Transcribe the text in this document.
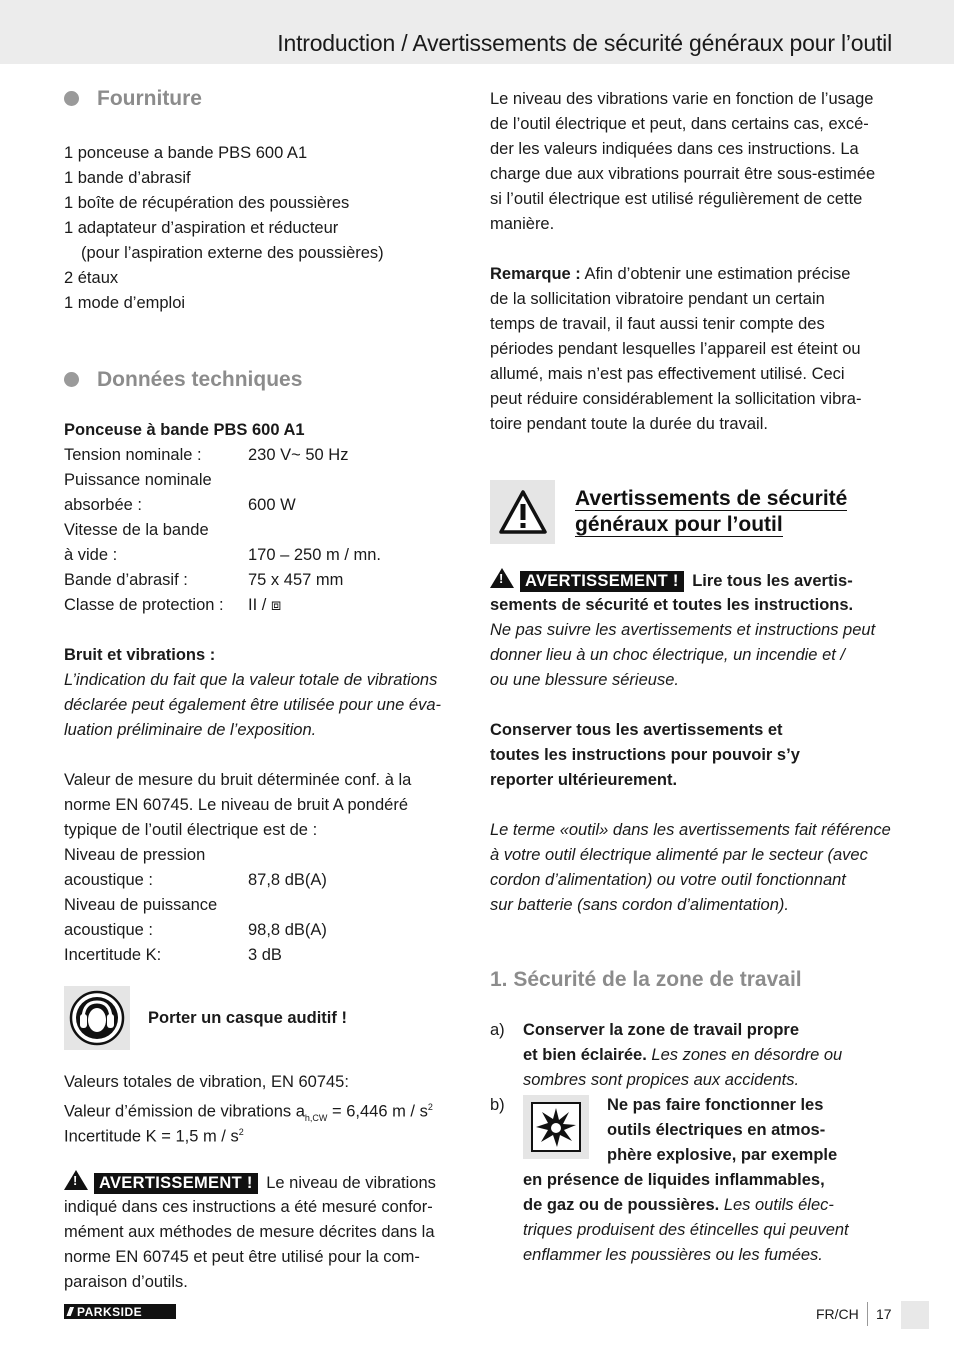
Introduction / Avertissements de sécurité généraux pour l’outil
Fourniture
1 ponceuse a bande PBS 600 A1
1 bande d’abrasif
1 boîte de récupération des poussières
1 adaptateur d’aspiration et réducteur
(pour l’aspiration externe des poussières)
2 étaux
1 mode d’emploi
Données techniques
Ponceuse à bande PBS 600 A1
Tension nominale :	230 V~ 50 Hz
Puissance nominale
absorbée :	600 W
Vitesse de la bande
à vide :	170 – 250 m / mn.
Bande d’abrasif :	75 x 457 mm
Classe de protection :	II / ⧈
Bruit et vibrations :
L’indication du fait que la valeur totale de vibrations
déclarée peut également être utilisée pour une éva-
luation préliminaire de l’exposition.
Valeur de mesure du bruit déterminée conf. à la
norme EN 60745. Le niveau de bruit A pondéré
typique de l’outil électrique est de :
Niveau de pression
acoustique :	87,8 dB(A)
Niveau de puissance
acoustique :	98,8 dB(A)
Incertitude K:	3 dB
Porter un casque auditif !
Valeurs totales de vibration, EN 60745:
Valeur d’émission de vibrations $a_{h,CW} = 6,446$ m / $s^2$
Incertitude K = 1,5 m / $s^2$
!AVERTISSEMENT ! Le niveau de vibrations
indiqué dans ces instructions a été mesuré confor-
mément aux méthodes de mesure décrites dans la
norme EN 60745 et peut être utilisé pour la com-
paraison d’outils.
Le niveau des vibrations varie en fonction de l’usage
de l’outil électrique et peut, dans certains cas, excé-
der les valeurs indiquées dans ces instructions. La
charge due aux vibrations pourrait être sous-estimée
si l’outil électrique est utilisé régulièrement de cette
manière.
Remarque : Afin d’obtenir une estimation précise
de la sollicitation vibratoire pendant un certain
temps de travail, il faut aussi tenir compte des
périodes pendant lesquelles l’appareil est éteint ou
allumé, mais n’est pas effectivement utilisé. Ceci
peut réduire considérablement la sollicitation vibra-
toire pendant toute la durée du travail.
Avertissements de sécurité
généraux pour l’outil
!AVERTISSEMENT ! Lire tous les avertis-
sements de sécurité et toutes les instructions.
Ne pas suivre les avertissements et instructions peut
donner lieu à un choc électrique, un incendie et /
ou une blessure sérieuse.
Conserver tous les avertissements et
toutes les instructions pour pouvoir s’y
reporter ultérieurement.
Le terme «outil» dans les avertissements fait référence
à votre outil électrique alimenté par le secteur (avec
cordon d’alimentation) ou votre outil fonctionnant
sur batterie (sans cordon d’alimentation).
1. Sécurité de la zone de travail
a)	Conserver la zone de travail propre
et bien éclairée. Les zones en désordre ou
sombres sont propices aux accidents.
b)	Ne pas faire fonctionner les
outils électriques en atmos-
phère explosive, par exemple
en présence de liquides inflammables,
de gaz ou de poussières. Les outils élec-
triques produisent des étincelles qui peuvent
enflammer les poussières ou les fumées.
/// PARKSIDE	FR/CH 17
